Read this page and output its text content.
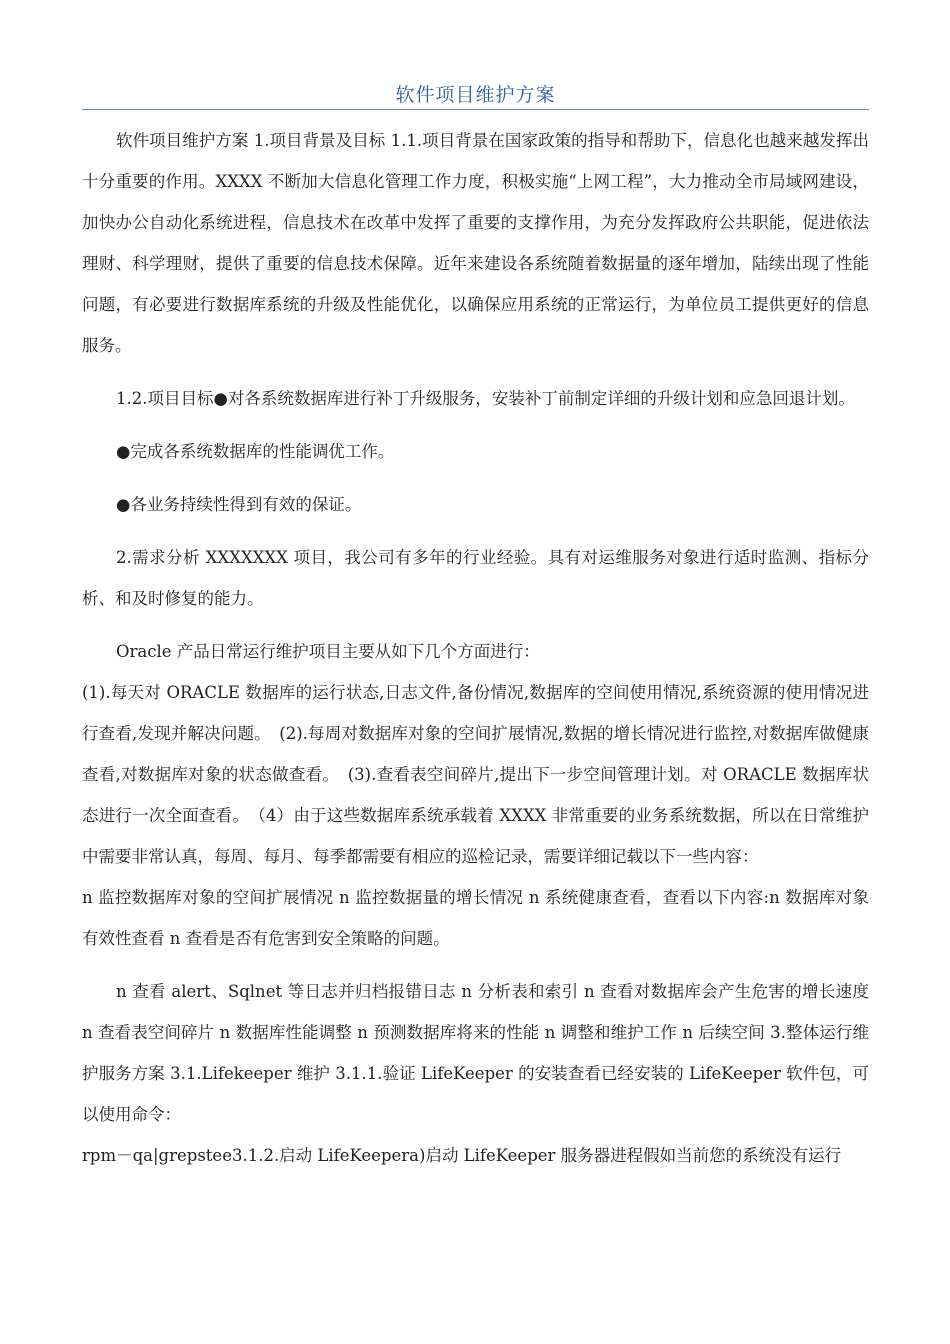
软件项目维护方案

软件项目维护方案 1.项目背景及目标 1.1.项目背景在国家政策的指导和帮助下，信息化也越来越发挥出十分重要的作用。XXXX 不断加大信息化管理工作力度，积极实施“上网工程”，大力推动全市局域网建设，加快办公自动化系统进程，信息技术在改革中发挥了重要的支撑作用，为充分发挥政府公共职能，促进依法理财、科学理财，提供了重要的信息技术保障。近年来建设各系统随着数据量的逐年增加，陆续出现了性能问题，有必要进行数据库系统的升级及性能优化，以确保应用系统的正常运行，为单位员工提供更好的信息服务。

1.2.项目目标●对各系统数据库进行补丁升级服务，安装补丁前制定详细的升级计划和应急回退计划。

●完成各系统数据库的性能调优工作。

●各业务持续性得到有效的保证。

2.需求分析 XXXXXXX 项目，我公司有多年的行业经验。具有对运维服务对象进行适时监测、指标分析、和及时修复的能力。

Oracle 产品日常运行维护项目主要从如下几个方面进行：

(1).每天对 ORACLE 数据库的运行状态,日志文件,备份情况,数据库的空间使用情况,系统资源的使用情况进行查看,发现并解决问题。　(2).每周对数据库对象的空间扩展情况,数据的增长情况进行监控,对数据库做健康查看,对数据库对象的状态做查看。　(3).查看表空间碎片,提出下一步空间管理计划。对 ORACLE 数据库状态进行一次全面查看。　（4）由于这些数据库系统承载着 XXXX 非常重要的业务系统数据，所以在日常维护中需要非常认真，每周、每月、每季都需要有相应的巡检记录，需要详细记载以下一些内容：

n 监控数据库对象的空间扩展情况 n 监控数据量的增长情况 n 系统健康查看，查看以下内容:n 数据库对象有效性查看 n 查看是否有危害到安全策略的问题。

n 查看 alert、Sqlnet 等日志并归档报错日志 n 分析表和索引 n 查看对数据库会产生危害的增长速度 n 查看表空间碎片 n 数据库性能调整 n 预测数据库将来的性能 n 调整和维护工作 n 后续空间 3.整体运行维护服务方案 3.1.Lifekeeper 维护 3.1.1.验证 LifeKeeper 的安装查看已经安装的 LifeKeeper 软件包，可以使用命令：

rpm－qa|grepstee3.1.2.启动 LifeKeepera)启动 LifeKeeper 服务器进程假如当前您的系统没有运行
